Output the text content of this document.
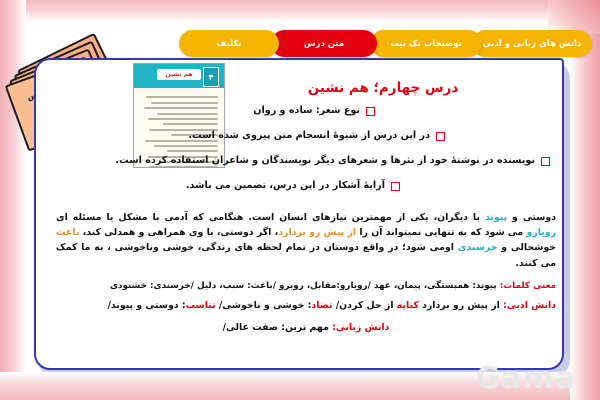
دانش های زبانی و ادبی
توضیحات تک بیت
متن درس
تکلیف
۴
هم نشین
درس چهارم؛ هم نشین
نوع شعر: ساده و روان
در این درس از شیوهٔ انسجام متن پیروی شده است.
نویسنده در نوشتهٔ خود از نثرها و شعرهای دیگر نویسندگان و شاعران استفاده کرده است.
آرایهٔ آشکار در این درس، تضمین می باشد.
دوستی و پیوند با دیگران، یکی از مهمترین نیازهای انسان است. هنگامی که آدمی با مشکل یا مسئله ای رویارو می شود که به تنهایی نمیتواند آن را از پیش رو بردارد، اگر دوستی، با وی همراهی و همدلی کند، باعث خوشحالی و خرسندی اومی شود؛ در واقع دوستان در تمام لحظه های زندگی، خوشی وناخوشی ، به ما کمک می کنند.
معنی کلمات: پیوند: همبستگی، پیمان، عهد /رویارو:مقابل، روبرو /باعث: سبب، دلیل /خرسندی: خشنودی
دانش ادبی: از پیش رو بردارد کنایه از حل کردن/ تضاد: خوشی و ناخوشی/ تناسب: دوستی و پیوند/
دانش زبانی: مهم ترین: صفت عالی/
Gama
